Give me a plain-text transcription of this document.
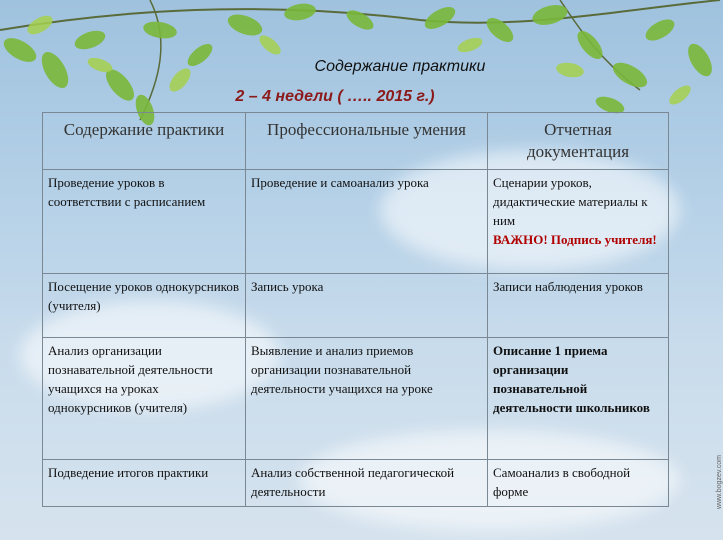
Содержание практики
2 – 4 недели ( ….. 2015 г.)
Содержание практики	Профессиональные умения	Отчетная документация
Проведение уроков в соответствии с расписанием	Проведение и самоанализ урока	Сценарии уроков, дидактические материалы к ним
ВАЖНО! Подпись учителя!
Посещение уроков однокурсников (учителя)	Запись урока	Записи наблюдения уроков
Анализ организации познавательной деятельности учащихся на уроках однокурсников (учителя)	Выявление и анализ приемов организации познавательной деятельности учащихся на уроке	Описание 1 приема организации познавательной деятельности школьников
Подведение итогов практики	Анализ собственной педагогической деятельности	Самоанализ в свободной форме	www.bogzev.com
